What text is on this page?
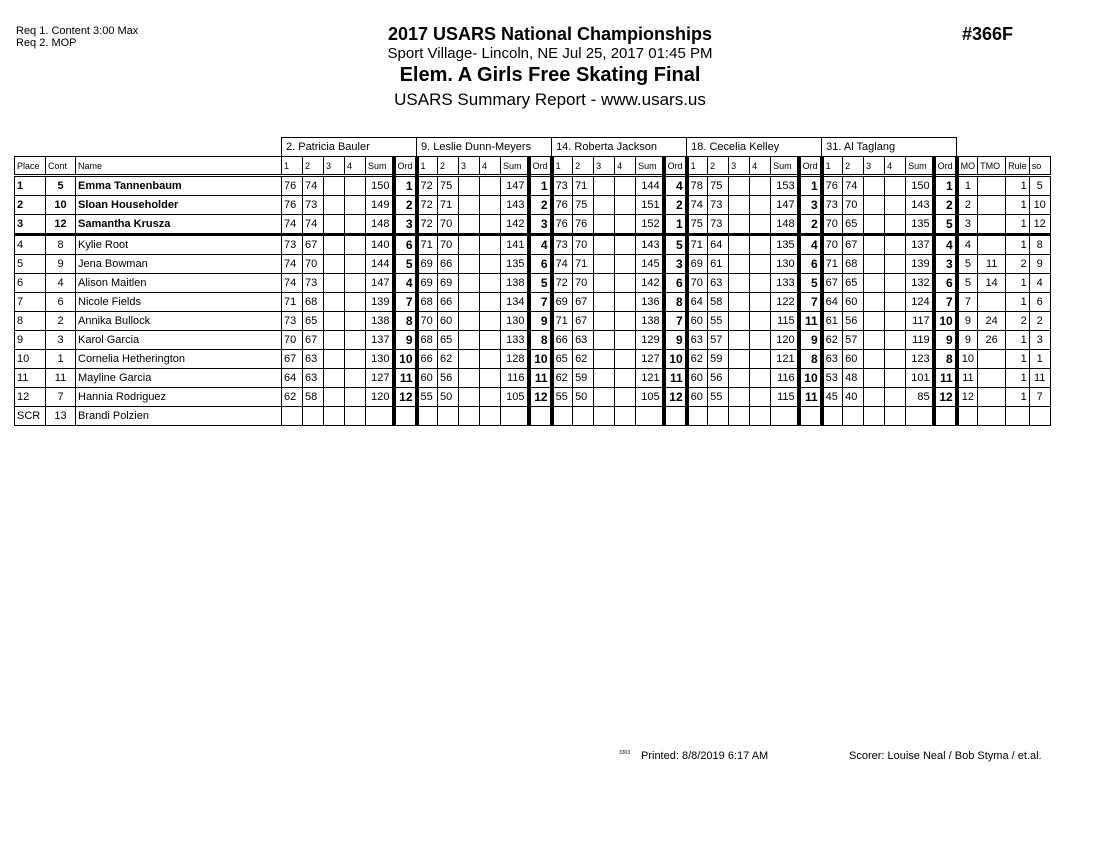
Req 1. Content 3:00 Max
Req 2. MOP	2017 USARS National Championships
Sport Village- Lincoln, NE Jul 25, 2017 01:45 PM
Elem. A Girls Free Skating Final
USARS Summary Report - www.usars.us
#366F
			2. Patricia Bauler						9. Leslie Dunn-Meyers						14. Roberta Jackson						18. Cecelia Kelley						31. Al Taglang									
Place	Cont	Name	1	2	3	4	Sum	Ord	1	2	3	4	Sum	Ord	1	2	3	4	Sum	Ord	1	2	3	4	Sum	Ord	1	2	3	4	Sum	Ord	MO	TMO	Rule	so
1	5	Emma Tannenbaum	76	74			150	1	72	75			147	1	73	71			144	4	78	75			153	1	76	74			150	1	1		1	5
2	10	Sloan Householder	76	73			149	2	72	71			143	2	76	75			151	2	74	73			147	3	73	70			143	2	2		1	10
3	12	Samantha Krusza	74	74			148	3	72	70			142	3	76	76			152	1	75	73			148	2	70	65			135	5	3		1	12
4	8	Kylie Root	73	67			140	6	71	70			141	4	73	70			143	5	71	64			135	4	70	67			137	4	4		1	8
5	9	Jena Bowman	74	70			144	5	69	66			135	6	74	71			145	3	69	61			130	6	71	68			139	3	5	11	2	9
6	4	Alison Maitlen	74	73			147	4	69	69			138	5	72	70			142	6	70	63			133	5	67	65			132	6	5	14	1	4
7	6	Nicole Fields	71	68			139	7	68	66			134	7	69	67			136	8	64	58			122	7	64	60			124	7	7		1	6
8	2	Annika Bullock	73	65			138	8	70	60			130	9	71	67			138	7	60	55			115	11	61	56			117	10	9	24	2	2
9	3	Karol Garcia	70	67			137	9	68	65			133	8	66	63			129	9	63	57			120	9	62	57			119	9	9	26	1	3
10	1	Cornelia Hetherington	67	63			130	10	66	62			128	10	65	62			127	10	62	59			121	8	63	60			123	8	10		1	1
11	11	Mayline Garcia	64	63			127	11	60	56			116	11	62	59			121	11	60	56			116	10	53	48			101	11	11		1	11
12	7	Hannia Rodriguez	62	58			120	12	55	50			105	12	55	50			105	12	60	55			115	11	45	40			85	12	12		1	7
SCR	13	Brandi Polzien																																		
3303 Printed: 8/8/2019 6:17 AM	Scorer: Louise Neal / Bob Styma / et.al.
